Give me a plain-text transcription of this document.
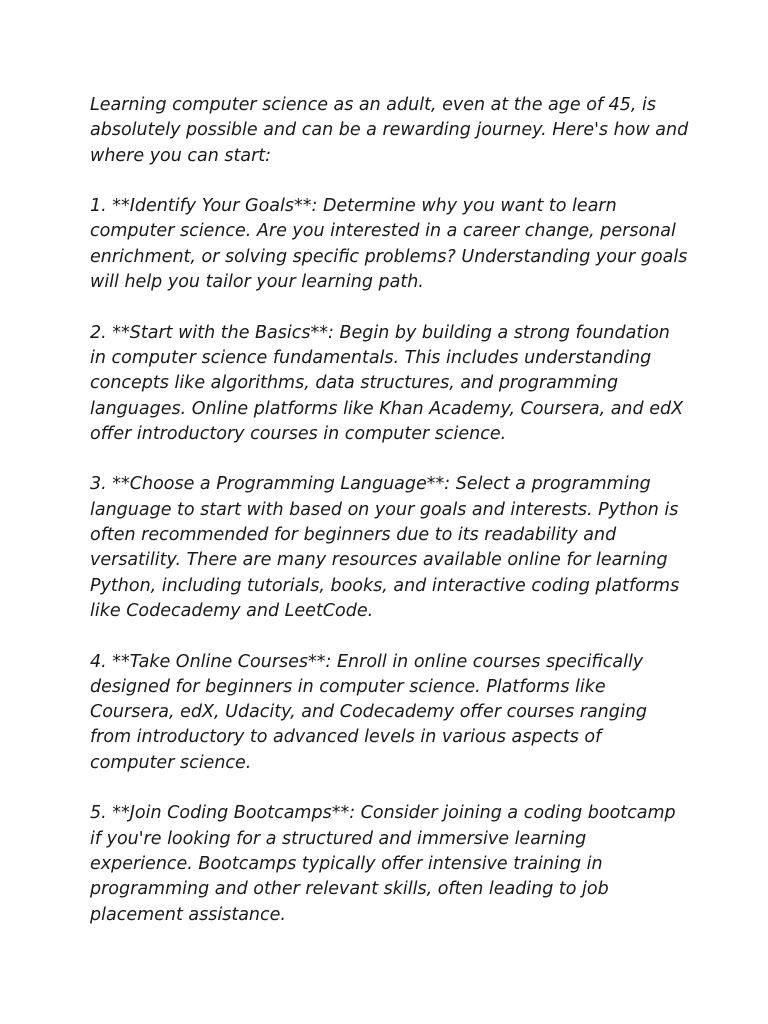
Learning computer science as an adult, even at the age of 45, is absolutely possible and can be a rewarding journey. Here's how and where you can start:

1. **Identify Your Goals**: Determine why you want to learn computer science. Are you interested in a career change, personal enrichment, or solving specific problems? Understanding your goals will help you tailor your learning path.

2. **Start with the Basics**: Begin by building a strong foundation in computer science fundamentals. This includes understanding concepts like algorithms, data structures, and programming languages. Online platforms like Khan Academy, Coursera, and edX offer introductory courses in computer science.

3. **Choose a Programming Language**: Select a programming language to start with based on your goals and interests. Python is often recommended for beginners due to its readability and versatility. There are many resources available online for learning Python, including tutorials, books, and interactive coding platforms like Codecademy and LeetCode.

4. **Take Online Courses**: Enroll in online courses specifically designed for beginners in computer science. Platforms like Coursera, edX, Udacity, and Codecademy offer courses ranging from introductory to advanced levels in various aspects of computer science.

5. **Join Coding Bootcamps**: Consider joining a coding bootcamp if you're looking for a structured and immersive learning experience. Bootcamps typically offer intensive training in programming and other relevant skills, often leading to job placement assistance.
